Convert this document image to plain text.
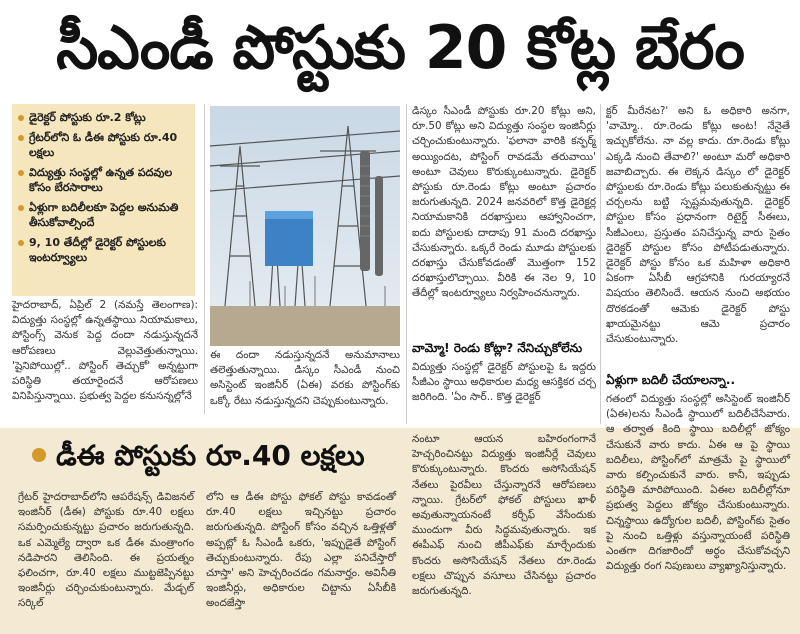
సీఎండీ పోస్టుకు 20 కోట్ల బేరం
డైరెక్టర్ పోస్టుకు రూ.2 కోట్లు
గ్రేటర్‌లోని ఓ డీఈ పోస్టుకు రూ.40 లక్షలు
విద్యుత్తు సంస్థల్లో ఉన్నత పదవుల కోసం బేరసారాలు
ఏళ్లుగా బదిలీలకూ పెద్దల అనుమతి తీసుకోవాల్సిందే
9, 10 తేదీల్లో డైరెక్టర్ పోస్టులకు ఇంటర్వ్యూలు

హైదరాబాద్, ఏప్రిల్ 2 (నమస్తే తెలంగాణ): విద్యుత్తు సంస్థల్లో ఉన్నతస్థాయి నియామకాలు, పోస్టింగ్స్ వెనుక పెద్ద దందా నడుస్తున్నదనే ఆరోపణలు వెల్లువెత్తుతున్నాయి. 'షైనిపోయిల్లో.. పోస్టింగ్ తెచ్చుకో' అన్నట్టుగా పరిస్థితి తయారైందనే ఆరోపణలు వినిపిస్తున్నాయి. ప్రభుత్వ పెద్దల కనుసన్నల్లోనే

ఈ దందా నడుస్తున్నదనే అనుమానాలు తలెత్తుతున్నాయి. డిస్కం సీఎండీ నుంచి అసిస్టెంట్ ఇంజినీర్ (ఏఈ) వరకు పోస్టింగ్‌కు ఒక్కో రేటు నడుస్తున్నదని చెప్పుకుంటున్నారు.

డిస్కం సీఎండీ పోస్టుకు రూ.20 కోట్లు అని, రూ.50 కోట్లు అని విద్యుత్తు సంస్థల ఇంజినీర్లు చర్చించుకుంటున్నారు. 'ఫలానా వారికి కన్ఫర్మ్ అయ్యిందట, పోస్టింగ్ రావడమే తరువాయి' అంటూ చెవులు కొరుక్కుంటున్నారు. డైరెక్టర్ పోస్టుకు రూ.రెండు కోట్లు అంటూ ప్రచారం జరుగుతున్నది. 2024 జనవరిలో కొత్త డైరెక్టర్ల నియామకానికి దరఖాస్తులు ఆహ్వానించగా, ఐదు పోస్టులకు దాదాపు 91 మంది దరఖాస్తు చేసుకున్నారు. ఒక్కరే రెండు మూడు పోస్టులకు దరఖాస్తు చేసుకోవడంతో మొత్తంగా 152 దరఖాస్తులొచ్చాయి. వీరికి ఈ నెల 9, 10 తేదీల్లో ఇంటర్వ్యూలు నిర్వహించనున్నారు.

వామ్మో! రెండు కోట్లా? నేనిచ్చుకోలేను

విద్యుత్తు సంస్థల్లో డైరెక్టర్ పోస్టులపై ఓ ఇద్దరు సీజీఎం స్థాయి అధికారుల మధ్య ఆసక్తికర చర్చ జరిగింది. 'ఏం సార్.. కొత్త డైరెక్టర్

క్టర్ మీరేనట?' అని ఓ అధికారి అనగా, 'వామ్మో.. రూ.రెండు కోట్లు అంట! నేనైతే ఇచ్చుకోలేను. నా వల్ల కాదు. రూ.రెండు కోట్లు ఎక్కడి నుంచి తేవాలి?' అంటూ మరో అధికారి జవాబిచ్చారు. ఈ లెక్కన డిస్కం లో డైరెక్టర్ పోస్టులకు రూ.రెండు కోట్లు పలుకుతున్నట్టు ఈ చర్చలను బట్టి స్పష్టమవుతున్నది. డైరెక్టర్ పోస్టుల కోసం ప్రధానంగా రిటైర్డ్ సీఈలు, సీజీఎంలు, ప్రస్తుతం పనిచేస్తున్న వారు సైతం డైరెక్టర్ పోస్టుల కోసం పోటీపడుతున్నారు. డైరెక్టర్ పోస్టు కోసం ఒక మహిళా అధికారి ఏకంగా ఏసీబీ ఆగ్రహానికి గురయ్యారనే విషయం తెలిసిందే. ఆయన నుంచి అభయం దొరకడంతో ఆమెకు డైరెక్టర్ పోస్టు ఖాయమైనట్టు ఆమె ప్రచారం చేసుకుంటున్నారు.

ఏళ్లుగా బదిలీ చేయాలన్నా..
డీఈ పోస్టుకు రూ.40 లక్షలు

గ్రేటర్ హైదరాబాద్‌లోని ఆపరేషన్స్ డివిజనల్ ఇంజినీర్ (డీఈ) పోస్టుకు రూ.40 లక్షలు సమర్పించుకున్నట్టు ప్రచారం జరుగుతున్నది. ఒక ఎమ్మెల్యే ద్వారా ఒక డీఈ మంత్రాంగం నడిపారని తెలిసింది. ఈ ప్రయత్నం ఫలించగా, రూ.40 లక్షలు ముట్టజెప్పినట్టు ఇంజినీర్లు చర్చించుకుంటున్నారు. మేడ్చల్ సర్కిల్

లోని ఆ డీఈ పోస్టు ఫోకల్ పోస్టు కావడంతో రూ.40 లక్షలు ఇచ్చినట్టు ప్రచారం జరుగుతున్నది. పోస్టింగ్ కోసం వచ్చిన ఒత్తిళ్లతో అప్పట్లో ఓ సీఎండీ ఒకరు, 'ఇప్పుడైతే పోస్టింగ్ తెచ్చుకుంటున్నారు. రేపు ఎల్లా పనిచేస్తారో చూస్తా' అని హెచ్చరించడం గమనార్హం. అవినీతి ఇంజినీర్లు, అధికారుల చిట్టాను ఏసీబీకి అందజేస్తా

నంటూ ఆయన బహిరంగంగానే హెచ్చరించినట్టు విద్యుత్తు ఇంజినీర్లే చెవులు కొరుక్కుంటున్నారు. కొందరు అసోసియేషన్ నేతలు పైరవీలు చేస్తున్నారనే ఆరోపణలు న్నాయి. గ్రేటర్‌లో ఫోకల్ పోస్టులు ఖాళీ అవుతున్నాయనంటే కర్చీఫ్ వేసేందుకు ముందుగా వీరు సిద్ధమవుతున్నారు. ఇక ఈపీఎఫ్ నుంచి జీపీఎఫ్‌కు మార్చేందుకు కొందరు అసోసియేషన్ నేతలు రూ.రెండు లక్షలు చొప్పున వసూలు చేసినట్టు ప్రచారం జరుగుతున్నది.

గతంలో విద్యుత్తు సంస్థల్లో అసిస్టెంట్ ఇంజినీర్ (ఏఈ)లను సీఎండీ స్థాయిలో బదిలీచేసేవారు. ఆ తర్వాత కింది స్థాయి బదిలీల్లో జోక్యం చేసుకునే వారు కాదు. ఏఈ ఆ పై స్థాయి బదిలీలు, పోస్టింగ్‌లో మాత్రమే పై స్థాయిలో వారు కల్పించుకునే వారు. కానీ, ఇప్పుడు పరిస్థితి మారిపోయింది. ఏఈల బదిలీల్లోనూ ప్రభుత్వ పెద్దలు జోక్యం చేసుకుంటున్నారు. చిన్నస్థాయి ఉద్యోగుల బదిలీ, పోస్టింగ్‌కు సైతం పై నుంచి ఒత్తిళ్లు వస్తున్నాయంటే పరిస్థితి ఎంతగా దిగజారిందో అర్థం చేసుకోవచ్చని విద్యుత్తు రంగ నిపుణులు వ్యాఖ్యానిస్తున్నారు.
